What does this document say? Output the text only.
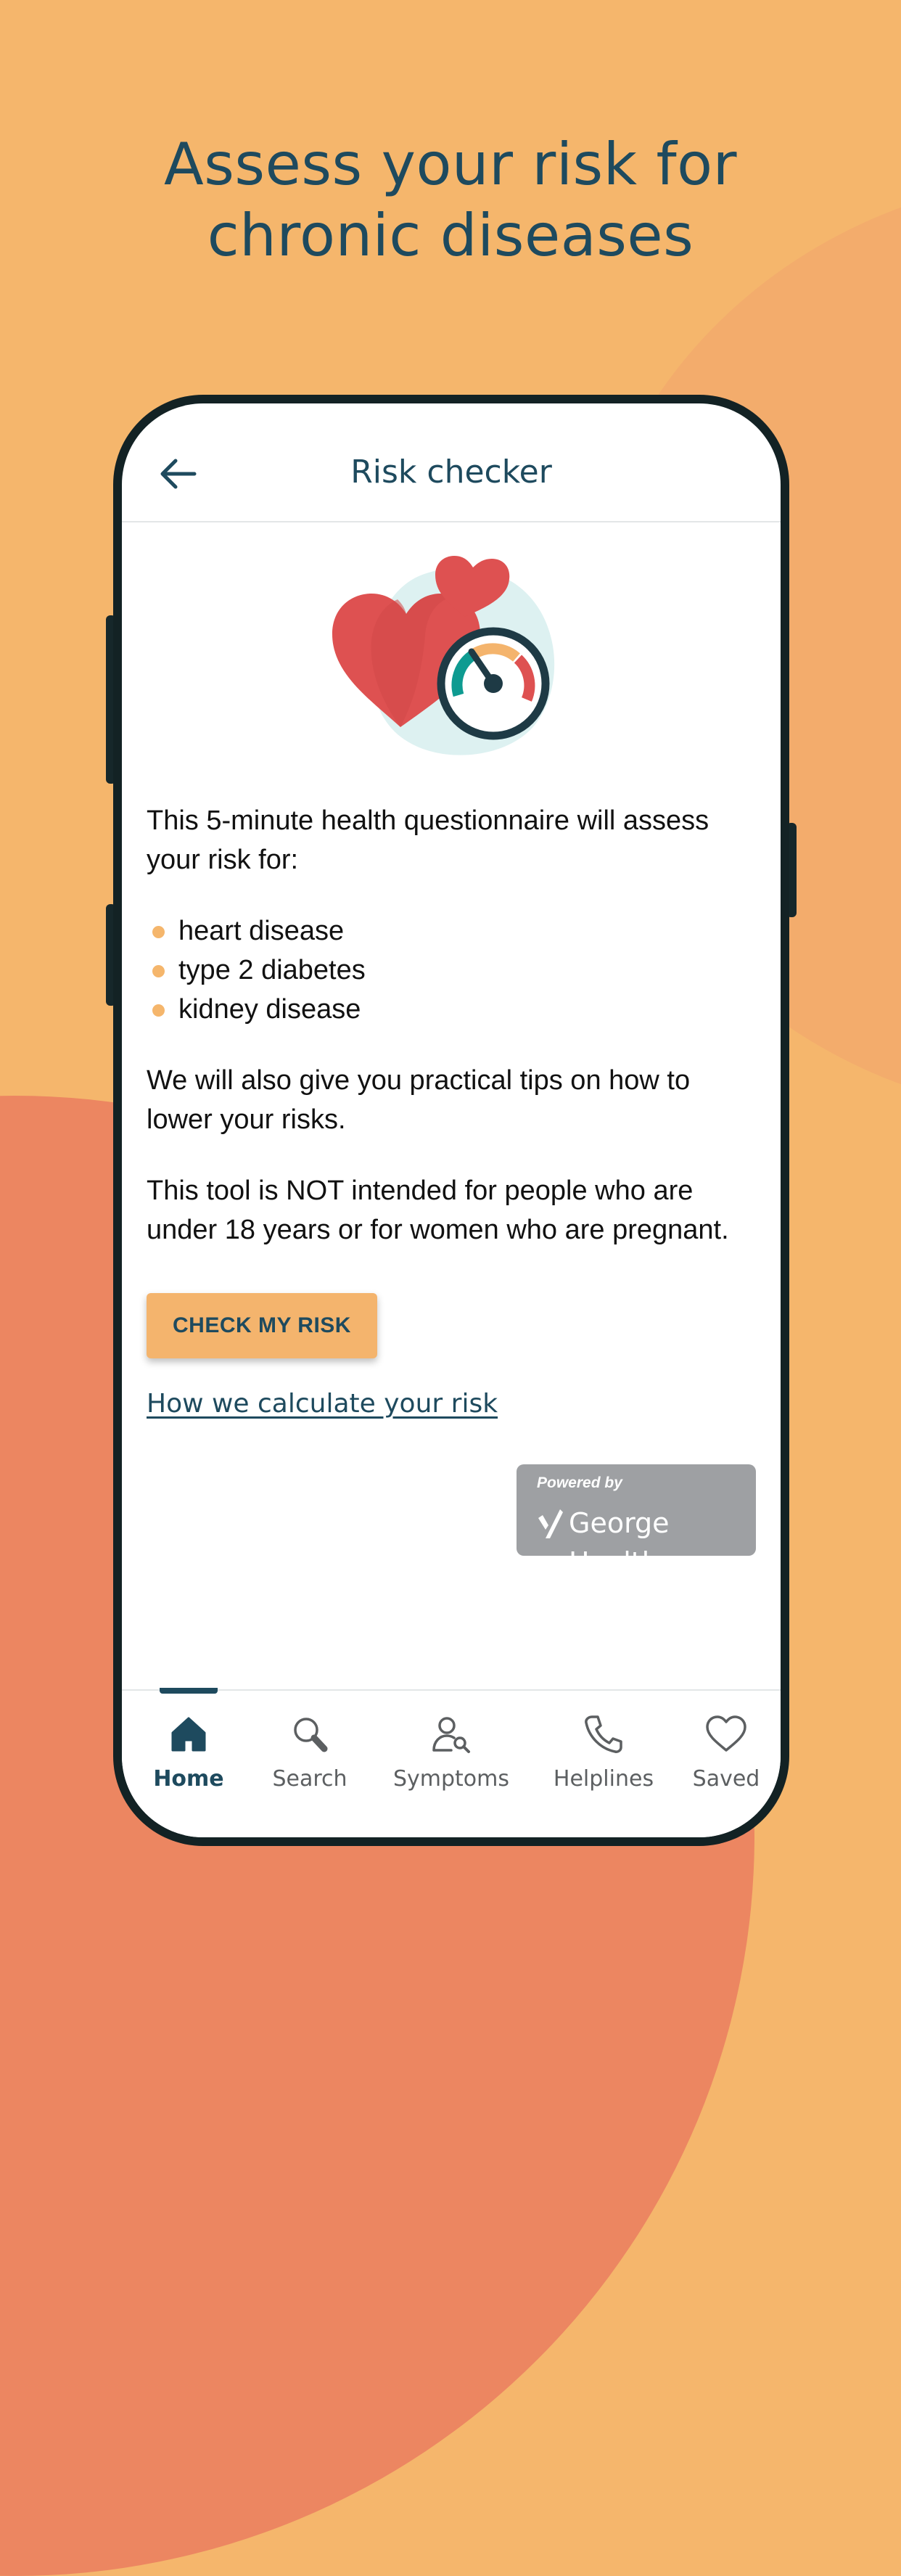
Assess your risk for
chronic diseases
Risk checker

This 5-minute health questionnaire will assess your risk for:

heart disease
type 2 diabetes
kidney disease

We will also give you practical tips on how to lower your risks.

This tool is NOT intended for people who are under 18 years or for women who are pregnant.

CHECK MY RISK
How we calculate your risk
Powered by
George Health
Home	Search	Symptoms	Helplines	Saved
